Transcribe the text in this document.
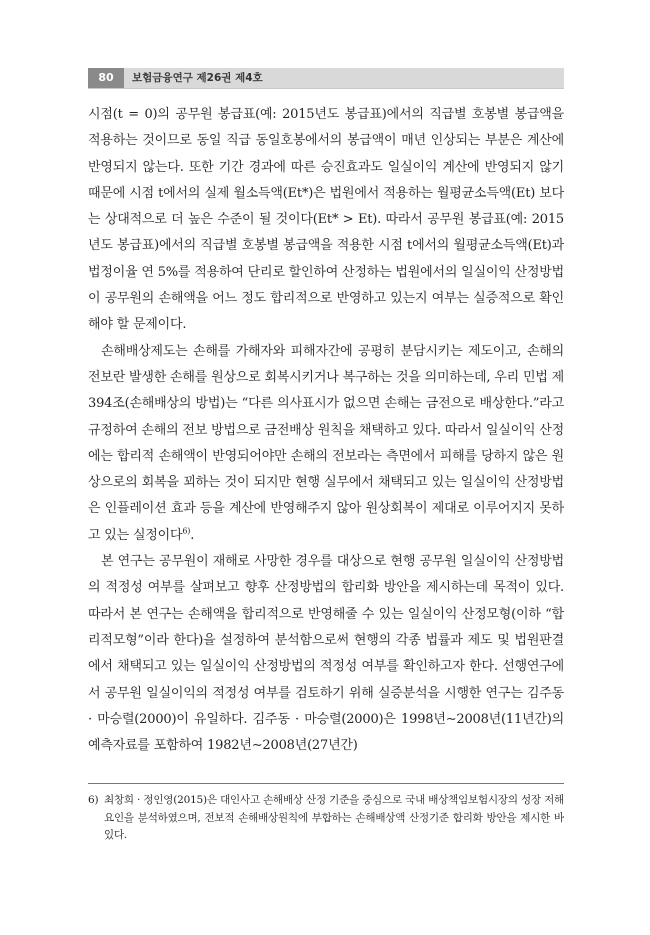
80	보험금융연구 제26권 제4호

시점(t = 0)의 공무원 봉급표(예: 2015년도 봉급표)에서의 직급별 호봉별 봉급액을 적용하는 것이므로 동일 직급 동일호봉에서의 봉급액이 매년 인상되는 부분은 계산에 반영되지 않는다. 또한 기간 경과에 따른 승진효과도 일실이익 계산에 반영되지 않기 때문에 시점 t에서의 실제 월소득액(Et*)은 법원에서 적용하는 월평균소득액(Et) 보다는 상대적으로 더 높은 수준이 될 것이다(Et* > Et). 따라서 공무원 봉급표(예: 2015년도 봉급표)에서의 직급별 호봉별 봉급액을 적용한 시점 t에서의 월평균소득액(Et)과 법정이율 연 5%를 적용하여 단리로 할인하여 산정하는 법원에서의 일실이익 산정방법이 공무원의 손해액을 어느 정도 합리적으로 반영하고 있는지 여부는 실증적으로 확인해야 할 문제이다.

손해배상제도는 손해를 가해자와 피해자간에 공평히 분담시키는 제도이고, 손해의 전보란 발생한 손해를 원상으로 회복시키거나 복구하는 것을 의미하는데, 우리 민법 제394조(손해배상의 방법)는 “다른 의사표시가 없으면 손해는 금전으로 배상한다.”라고 규정하여 손해의 전보 방법으로 금전배상 원칙을 채택하고 있다. 따라서 일실이익 산정에는 합리적 손해액이 반영되어야만 손해의 전보라는 측면에서 피해를 당하지 않은 원상으로의 회복을 꾀하는 것이 되지만 현행 실무에서 채택되고 있는 일실이익 산정방법은 인플레이션 효과 등을 계산에 반영해주지 않아 원상회복이 제대로 이루어지지 못하고 있는 실정이다$^{6)}$.

본 연구는 공무원이 재해로 사망한 경우를 대상으로 현행 공무원 일실이익 산정방법의 적정성 여부를 살펴보고 향후 산정방법의 합리화 방안을 제시하는데 목적이 있다. 따라서 본 연구는 손해액을 합리적으로 반영해줄 수 있는 일실이익 산정모형(이하 “합리적모형”이라 한다)을 설정하여 분석함으로써 현행의 각종 법률과 제도 및 법원판결에서 채택되고 있는 일실이익 산정방법의 적정성 여부를 확인하고자 한다. 선행연구에서 공무원 일실이익의 적정성 여부를 검토하기 위해 실증분석을 시행한 연구는 김주동 · 마승렬(2000)이 유일하다. 김주동 · 마승렬(2000)은 1998년∼2008년(11년간)의 예측자료를 포함하여 1982년∼2008년(27년간)

6) 최창희 · 정인영(2015)은 대인사고 손해배상 산정 기준을 중심으로 국내 배상책임보험시장의 성장 저해요인을 분석하였으며, 전보적 손해배상원칙에 부합하는 손해배상액 산정기준 합리화 방안을 제시한 바 있다.
